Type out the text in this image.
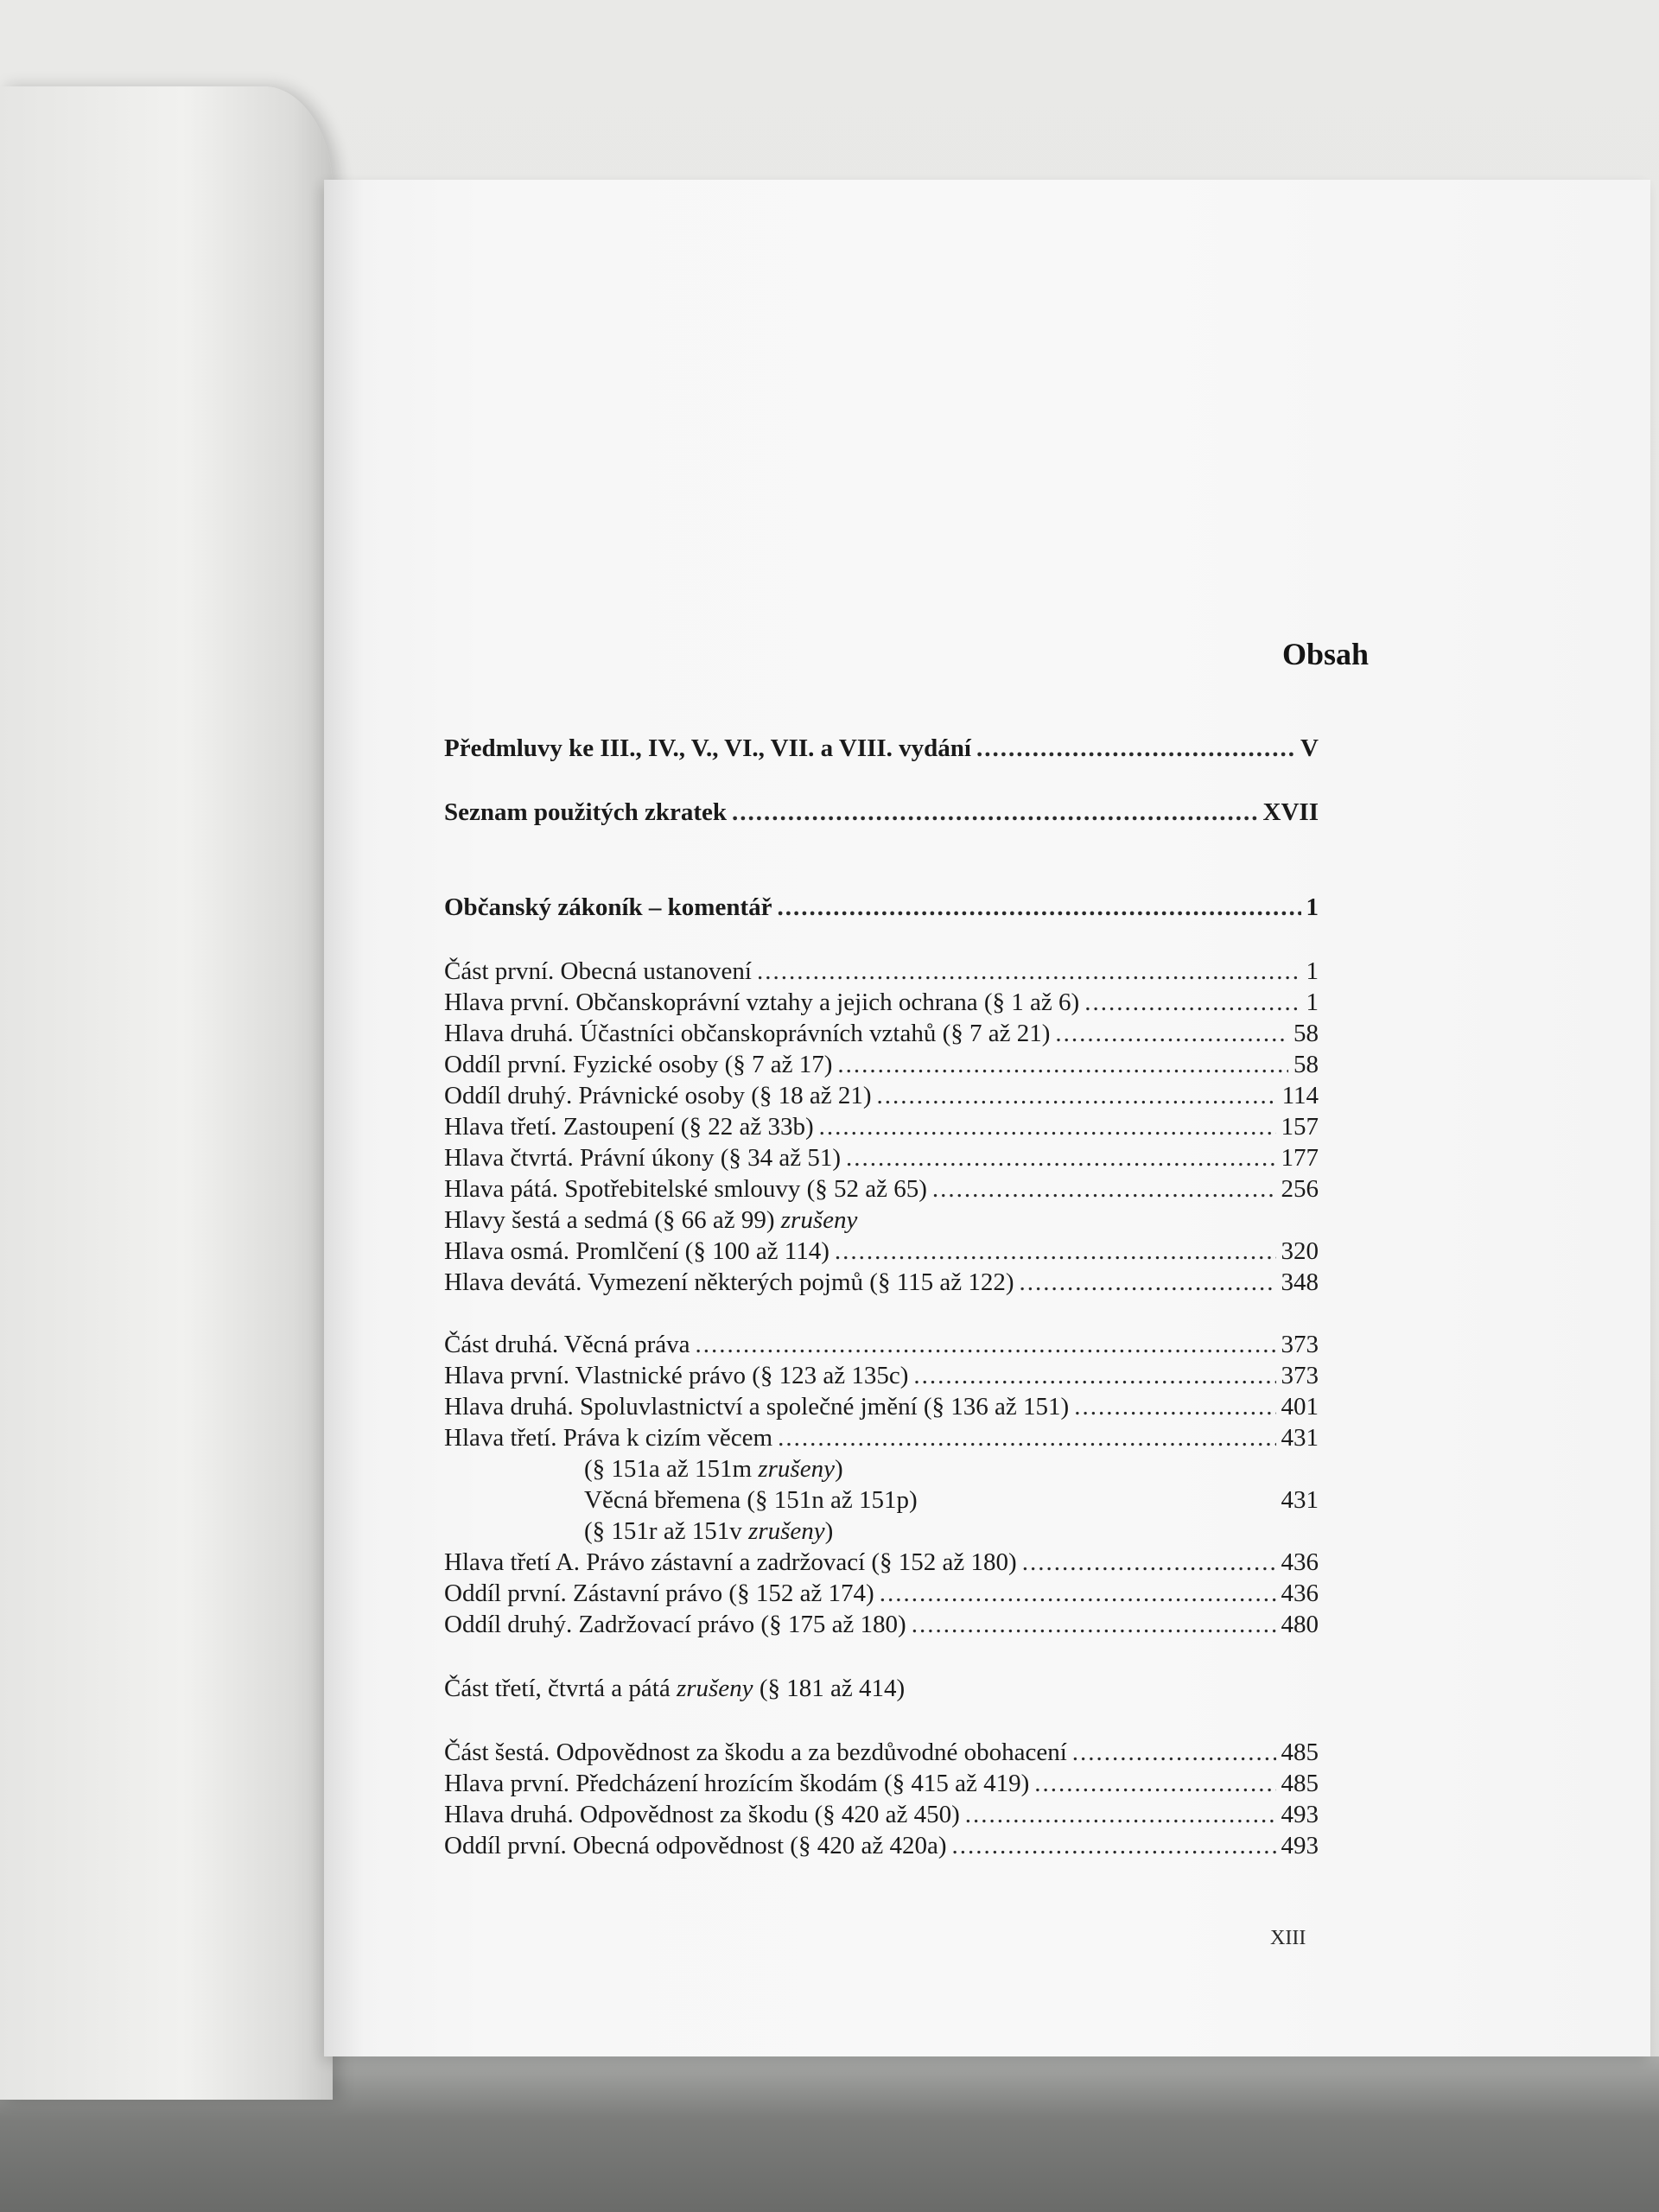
Obsah
Předmluvy ke III., IV., V., VI., VII. a VIII. vydání .....	V
Seznam použitých zkratek .....	XVII
Občanský zákoník – komentář .....	1
Část první. Obecná ustanovení .....	1
Hlava první. Občanskoprávní vztahy a jejich ochrana (§ 1 až 6) .....	1
Hlava druhá. Účastníci občanskoprávních vztahů (§ 7 až 21) .....	58
Oddíl první. Fyzické osoby (§ 7 až 17) .....	58
Oddíl druhý. Právnické osoby (§ 18 až 21) .....	114
Hlava třetí. Zastoupení (§ 22 až 33b) .....	157
Hlava čtvrtá. Právní úkony (§ 34 až 51) .....	177
Hlava pátá. Spotřebitelské smlouvy (§ 52 až 65) .....	256
Hlavy šestá a sedmá (§ 66 až 99) zrušeny
Hlava osmá. Promlčení (§ 100 až 114) .....	320
Hlava devátá. Vymezení některých pojmů (§ 115 až 122) .....	348
Část druhá. Věcná práva .....	373
Hlava první. Vlastnické právo (§ 123 až 135c) .....	373
Hlava druhá. Spoluvlastnictví a společné jmění (§ 136 až 151) .....	401
Hlava třetí. Práva k cizím věcem .....	431
(§ 151a až 151m zrušeny)
Věcná břemena (§ 151n až 151p)	431
(§ 151r až 151v zrušeny)
Hlava třetí A. Právo zástavní a zadržovací (§ 152 až 180) .....	436
Oddíl první. Zástavní právo (§ 152 až 174) .....	436
Oddíl druhý. Zadržovací právo (§ 175 až 180) .....	480
Část třetí, čtvrtá a pátá zrušeny (§ 181 až 414)
Část šestá. Odpovědnost za škodu a za bezdůvodné obohacení .....	485
Hlava první. Předcházení hrozícím škodám (§ 415 až 419) .....	485
Hlava druhá. Odpovědnost za škodu (§ 420 až 450) .....	493
Oddíl první. Obecná odpovědnost (§ 420 až 420a) .....	493
XIII
